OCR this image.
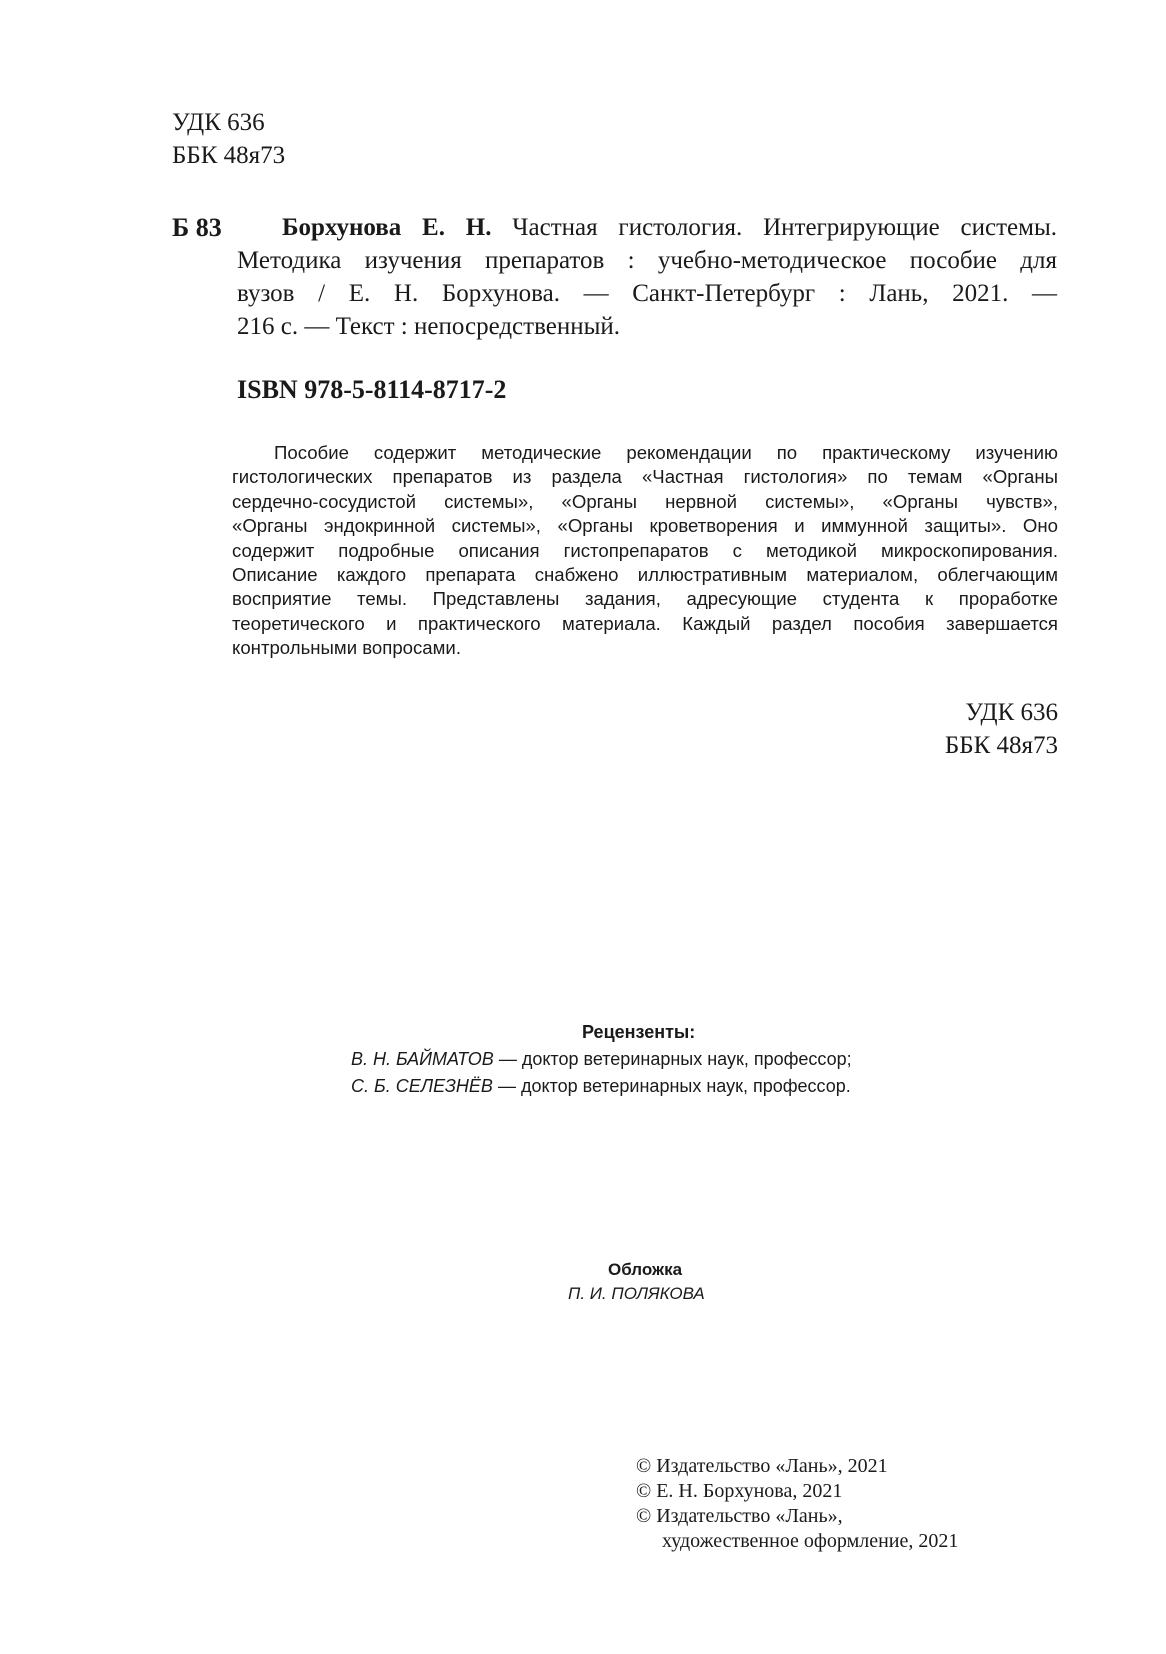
УДК 636
ББК 48я73
Б 83	Борхунова Е. Н. Частная гистология. Интегрирующие системы.
Методика изучения препаратов : учебно-методическое пособие для
вузов / Е. Н. Борхунова. — Санкт-Петербург : Лань, 2021. —
216 с. — Текст : непосредственный.
ISBN 978-5-8114-8717-2
Пособие содержит методические рекомендации по практическому изучению
гистологических препаратов из раздела «Частная гистология» по темам «Органы
сердечно-сосудистой системы», «Органы нервной системы», «Органы чувств»,
«Органы эндокринной системы», «Органы кроветворения и иммунной защиты». Оно
содержит подробные описания гистопрепаратов с методикой микроскопирования.
Описание каждого препарата снабжено иллюстративным материалом, облегчающим
восприятие темы. Представлены задания, адресующие студента к проработке
теоретического и практического материала. Каждый раздел пособия завершается
контрольными вопросами.
УДК 636
ББК 48я73
Рецензенты:
В. Н. БАЙМАТОВ — доктор ветеринарных наук, профессор;
С. Б. СЕЛЕЗНЁВ — доктор ветеринарных наук, профессор.
Обложка
П. И. ПОЛЯКОВА
© Издательство «Лань», 2021
© Е. Н. Борхунова, 2021
© Издательство «Лань»,
художественное оформление, 2021
